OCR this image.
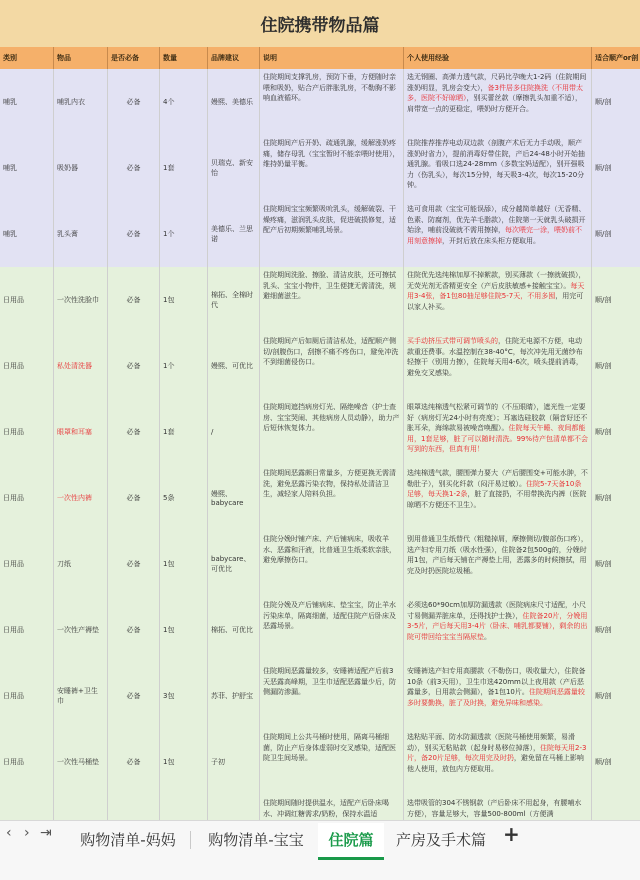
住院携带物品篇
类别	物品	是否必备	数量	品牌建议	说明	个人使用经验	适合顺产or剖
哺乳	哺乳内衣	必备	4个	嫚熙、美德乐
住院期间支撑乳房，预防下垂，方便随时亲喂和吸奶，贴合产后胖胀乳房，不勒胸不影响血液循环。
选无钢圈、高弹力透气款，尺码比孕晚大1-2码（住院期间涨奶明显，乳房会变大），备3件居多住院换洗（不用带太多，医院不好晾晒），别买蕾丝款（摩擦乳头加重不适），肩带宽一点的更稳定，喂奶时方便开合。
顺/剖
哺乳	吸奶器	必备	1套
贝瑞克、新安怡
住院期间产后开奶、疏通乳腺，缓解涨奶疼痛，储存母乳（宝宝暂时不能亲喂时使用），维持奶量平衡。
住院推荐推荐电动双边款（剖腹产术后无力手动吸，顺产涨奶时省力），提前消毒好带住院，产后24-48小时开始抽通乳腺。看吸口选24-28mm（多数宝妈适配），别开强吸力（伤乳头），每次15分钟，每天吸3-4次，每次15-20分钟。
顺/剖
哺乳	乳头膏	必备	1个
美德乐、兰思诺
住院期间宝宝频繁吸吮乳头，缓解破裂、干燥疼痛，滋润乳头皮肤，促进破损修复，适配产后初期频繁哺乳场景。
选可食用款（宝宝可能误舔），成分越简单越好（无香精、色素、防腐剂，优先羊毛脂款），住院第一天就乳头破损开始涂，哺前没破就不需用擦掉，每次喂完一涂，喂奶前不用刻意擦掉，开封后放在床头柜方便取用。
顺/剖
日用品	一次性洗脸巾	必备	1包
棉拓、全棉时代
住院期间洗脸、擦脸、清洁皮肤，还可擦拭乳头、宝宝小物件，卫生便捷无需清洗，规避细菌滋生。
住院优先选纯棉加厚不掉絮款，别买薄款（一擦就破损），无荧光剂无香精更安全（产后皮肤敏感+接触宝宝）。每天用3-4张，备1包80抽足够住院5-7天，不用多囤，用完可以家人补买。
顺/剖
日用品	私处清洗器	必备	1个	嫚熙、可优比
住院期间产后如厕后清洁私处，适配顺产侧切/剖腹伤口，刮擦不痛不疼伤口，避免冲洗不到细菌侵伤口。
买手动挤压式带可调节喷头的，住院无电源不方便，电动款重还费事。水温控制在38-40°C，每次冲先用无菌纱布轻擦干（别用力擦），住院每天用4-6次，喷头提前消毒，避免交叉感染。
顺/剖
日用品	眼罩和耳塞	必备	1套	/
住院期间遮挡病房灯光、隔绝噪音（护士查房、宝宝哭闹、其他病房人员动静），助力产后短休恢复体力。
眼罩选纯棉透气松紧可调节的（不压眼睛），遮光性一定要好（病房灯光24小时有亮度）；耳塞选硅胶款（隔音好还不胀耳朵，海绵款易被噪音唤醒）。住院每天午睡、夜间都能用，1套足够，脏了可以随时清洗。99%待产包清单都不会写到的东西，但真有用！
顺/剖
日用品	一次性内裤	必备	5条	嫚熙、babycare
住院期间恶露颇日常量多，方便更换无需清洗，避免恶露污染衣物，保持私处清洁卫生，减轻家人陪料负担。
选纯棉透气款，腰围弹力要大（产后腰围变+可能水肿，不勒肚子），别买化纤款（闷汗易过敏）。住院5-7天备10条足够，每天换1-2条，脏了直接扔，不用带换洗内裤（医院晾晒不方便还不卫生）。
顺/剖
日用品	刀纸	必备	1包
babycare、可优比
住院分娩时铺产床、产后铺病床，吸收羊水、恶露和汗液，比普通卫生纸柔软亲肤，避免摩擦伤口。
别用普通卫生纸替代（粗糙掉屑，摩擦侧切/腹部伤口疼），选产妇专用刀纸（吸水性强），住院备2包500g的，分娩时用1包，产后每天铺在产褥垫上用，恶露多的时候擦拭，用完及时扔医院垃圾桶。
顺/剖
日用品	一次性产褥垫	必备	1包	棉拓、可优比
住院分娩及产后铺病床、垫宝宝，防止羊水污染床单，隔离细菌，适配住院产后卧床及恶露场景。
必须选60*90cm加厚防漏透款（医院病床尺寸适配，小尺寸易侧漏弄脏床单，还得找护士换），住院备20片，分娩用3-5片，产后每天用3-4片（卧床、哺乳都要铺），剩余的出院可带回给宝宝当隔尿垫。
顺/剖
日用品
安睡裤+卫生巾
必备	3包	苏菲、护舒宝
住院期间恶露量较多，安睡裤适配产后前3天恶露高峰期，卫生巾适配恶露量少后，防侧漏防渗漏。
安睡裤选产妇专用高腰款（不勒伤口，吸收量大），住院备10条（前3天用），卫生巾选420mm以上夜用款（产后恶露量多，日用款会侧漏），备1包10片。住院期间恶露量较多时要勤换，脏了及时换，避免异味和感染。
顺/剖
日用品	一次性马桶垫	必备	1包	子初
住院期间上公共马桶时使用，隔离马桶细菌，防止产后身体虚弱时交叉感染，适配医院卫生间场景。
选粘贴平面、防水防漏透款（医院马桶使用频繁，易滑动），别买无粘贴款（起身时易移位掉落），住院每天用2-3片，备20片足够，每次用完及时扔，避免留在马桶上影响他人使用，放包内方便取用。
顺/剖
住院期间随时提供温水，适配产后卧床喝水、冲调红糖需求/奶粉，保持水温适
选带吸管的304不锈钢款（产后卧床不用起身，有腰哺水方便），容量足够大，容量500-800ml（方便满
‹ › ⇥	购物清单-妈妈	购物清单-宝宝	住院篇	产房及手术篇 +
